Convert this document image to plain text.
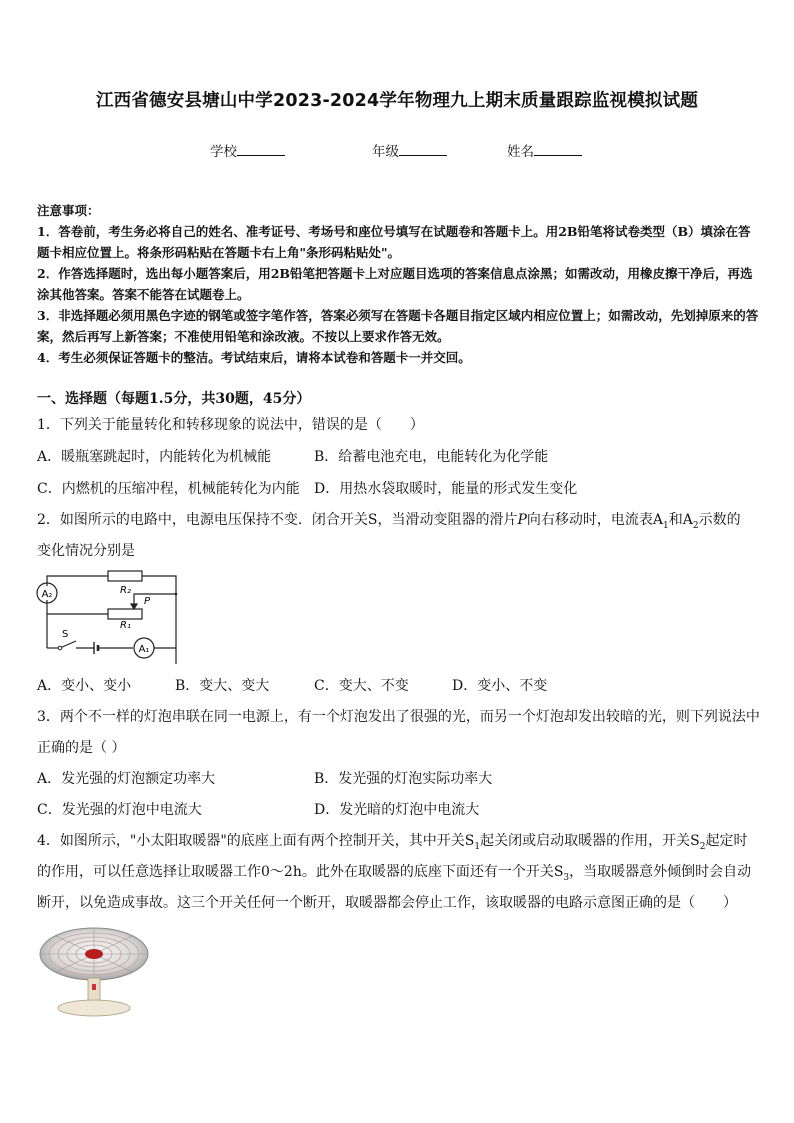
江西省德安县塘山中学2023-2024学年物理九上期末质量跟踪监视模拟试题
学校	年级	姓名

注意事项：

1．答卷前，考生务必将自己的姓名、准考证号、考场号和座位号填写在试题卷和答题卡上。用2B铅笔将试卷类型（B）填涂在答题卡相应位置上。将条形码粘贴在答题卡右上角"条形码粘贴处"。

2．作答选择题时，选出每小题答案后，用2B铅笔把答题卡上对应题目选项的答案信息点涂黑；如需改动，用橡皮擦干净后，再选涂其他答案。答案不能答在试题卷上。

3．非选择题必须用黑色字迹的钢笔或签字笔作答，答案必须写在答题卡各题目指定区域内相应位置上；如需改动，先划掉原来的答案，然后再写上新答案；不准使用铅笔和涂改液。不按以上要求作答无效。

4．考生必须保证答题卡的整洁。考试结束后，请将本试卷和答题卡一并交回。

一、选择题（每题1.5分，共30题，45分）
1．下列关于能量转化和转移现象的说法中，错误的是（　　）
A．暖瓶塞跳起时，内能转化为机械能	B．给蓄电池充电，电能转化为化学能
C．内燃机的压缩冲程，机械能转化为内能 D．用热水袋取暖时，能量的形式发生变化
2．如图所示的电路中，电源电压保持不变．闭合开关S，当滑动变阻器的滑片P向右移动时，电流表$A_1$和$A_2$示数的
变化情况分别是
A₂
A₁
R₂
R₁
P
S
A．变小、变小	B．变大、变大	C．变大、不变	D．变小、不变
3．两个不一样的灯泡串联在同一电源上，有一个灯泡发出了很强的光，而另一个灯泡却发出较暗的光，则下列说法中
正确的是（ ）
A．发光强的灯泡额定功率大	B．发光强的灯泡实际功率大
C．发光强的灯泡中电流大	D．发光暗的灯泡中电流大
4．如图所示，"小太阳取暖器"的底座上面有两个控制开关，其中开关$S_1$起关闭或启动取暖器的作用，开关$S_2$起定时
的作用，可以任意选择让取暖器工作0～2h。此外在取暖器的底座下面还有一个开关$S_3$，当取暖器意外倾倒时会自动
断开，以免造成事故。这三个开关任何一个断开，取暖器都会停止工作，该取暖器的电路示意图正确的是（　　）
